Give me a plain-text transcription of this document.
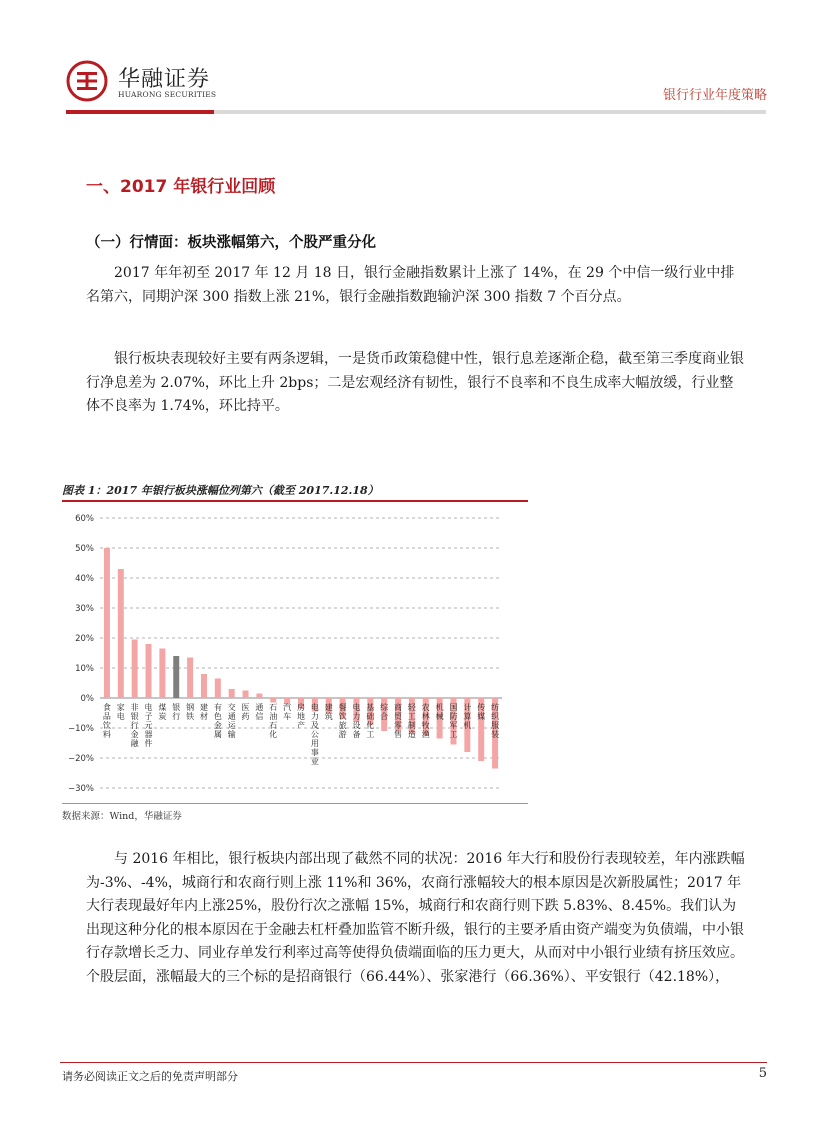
华融证券
HUARONG SECURITIES	银行行业年度策略
一、2017 年银行业回顾
（一）行情面：板块涨幅第六，个股严重分化
2017 年年初至 2017 年 12 月 18 日，银行金融指数累计上涨了 14%，在 29 个中信一级行业中排名第六，同期沪深 300 指数上涨 21%，银行金融指数跑输沪深 300 指数 7 个百分点。
银行板块表现较好主要有两条逻辑，一是货币政策稳健中性，银行息差逐渐企稳，截至第三季度商业银行净息差为 2.07%，环比上升 2bps；二是宏观经济有韧性，银行不良率和不良生成率大幅放缓，行业整体不良率为 1.74%，环比持平。
图表 1：2017 年银行板块涨幅位列第六（截至 2017.12.18）
60%
50%
40%
30%
20%
10%
0%
−10%
−20%
−30%
食品饮料
家电
非银行金融
电子元器件
煤炭
银行
钢铁
建材
有色金属
交通运输
医药
通信
石油石化
汽车
房地产
电力及公用事业
建筑
餐饮旅游
电力设备
基础化工
综合
商贸零售
轻工制造
农林牧渔
机械
国防军工
计算机
传媒
纺织服装
数据来源：Wind，华融证券
与 2016 年相比，银行板块内部出现了截然不同的状况：2016 年大行和股份行表现较差，年内涨跌幅为-3%、-4%，城商行和农商行则上涨 11%和 36%，农商行涨幅较大的根本原因是次新股属性；2017 年大行表现最好年内上涨25%，股份行次之涨幅 15%，城商行和农商行则下跌 5.83%、8.45%。我们认为出现这种分化的根本原因在于金融去杠杆叠加监管不断升级，银行的主要矛盾由资产端变为负债端，中小银行存款增长乏力、同业存单发行利率过高等使得负债端面临的压力更大，从而对中小银行业绩有挤压效应。个股层面，涨幅最大的三个标的是招商银行（66.44%）、张家港行（66.36%）、平安银行（42.18%），
请务必阅读正文之后的免责声明部分	5
